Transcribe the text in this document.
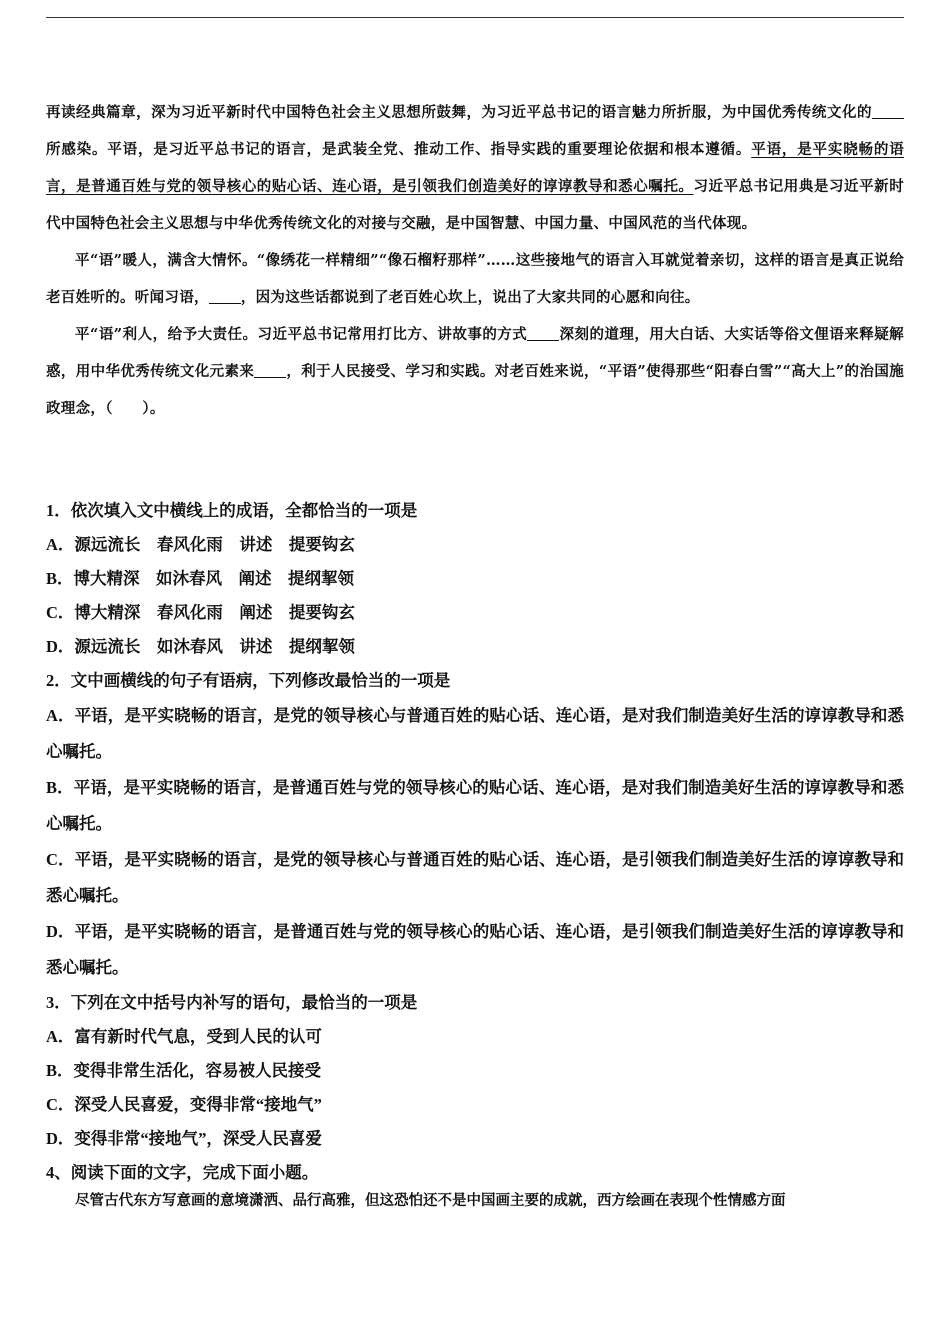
再读经典篇章，深为习近平新时代中国特色社会主义思想所鼓舞，为习近平总书记的语言魅力所折服，为中国优秀传统文化的所感染。平语，是习近平总书记的语言，是武装全党、推动工作、指导实践的重要理论依据和根本遵循。平语，是平实晓畅的语言，是普通百姓与党的领导核心的贴心话、连心语，是引领我们创造美好的谆谆教导和悉心嘱托。习近平总书记用典是习近平新时代中国特色社会主义思想与中华优秀传统文化的对接与交融，是中国智慧、中国力量、中国风范的当代体现。

平“语”暖人，满含大情怀。“像绣花一样精细”“像石榴籽那样”……这些接地气的语言入耳就觉着亲切，这样的语言是真正说给老百姓听的。听闻习语， ，因为这些话都说到了老百姓心坎上，说出了大家共同的心愿和向往。

平“语”利人，给予大责任。习近平总书记常用打比方、讲故事的方式 深刻的道理，用大白话、大实话等俗文俚语来释疑解惑，用中华优秀传统文化元素来 ，利于人民接受、学习和实践。对老百姓来说，“平语”使得那些“阳春白雪”“高大上”的治国施政理念，（　　）。

1．依次填入文中横线上的成语，全都恰当的一项是

A．源远流长　春风化雨　讲述　提要钩玄

B．博大精深　如沐春风　阐述　提纲挈领

C．博大精深　春风化雨　阐述　提要钩玄

D．源远流长　如沐春风　讲述　提纲挈领

2．文中画横线的句子有语病，下列修改最恰当的一项是

A．平语，是平实晓畅的语言，是党的领导核心与普通百姓的贴心话、连心语，是对我们制造美好生活的谆谆教导和悉心嘱托。

B．平语，是平实晓畅的语言，是普通百姓与党的领导核心的贴心话、连心语，是对我们制造美好生活的谆谆教导和悉心嘱托。

C．平语，是平实晓畅的语言，是党的领导核心与普通百姓的贴心话、连心语，是引领我们制造美好生活的谆谆教导和悉心嘱托。

D．平语，是平实晓畅的语言，是普通百姓与党的领导核心的贴心话、连心语，是引领我们制造美好生活的谆谆教导和悉心嘱托。

3．下列在文中括号内补写的语句，最恰当的一项是

A．富有新时代气息，受到人民的认可

B．变得非常生活化，容易被人民接受

C．深受人民喜爱，变得非常“接地气”

D．变得非常“接地气”，深受人民喜爱

4、阅读下面的文字，完成下面小题。

尽管古代东方写意画的意境潇洒、品行高雅，但这恐怕还不是中国画主要的成就，西方绘画在表现个性情感方面
